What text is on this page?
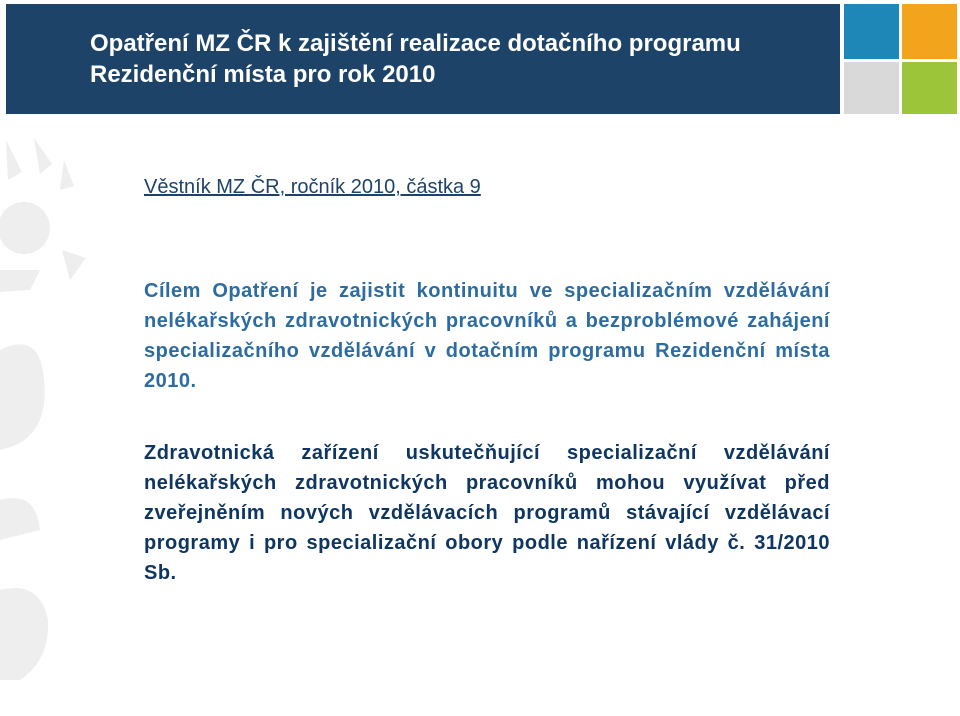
Opatření MZ ČR k zajištění realizace dotačního programu
Rezidenční místa pro rok 2010
Věstník MZ ČR, ročník 2010, částka 9
Cílem Opatření je zajistit kontinuitu ve specializačním vzdělávání nelékařských zdravotnických pracovníků a bezproblémové zahájení specializačního vzdělávání v dotačním programu Rezidenční místa 2010.
Zdravotnická zařízení uskutečňující specializační vzdělávání nelékařských zdravotnických pracovníků mohou využívat před zveřejněním nových vzdělávacích programů stávající vzdělávací programy i pro specializační obory podle nařízení vlády č. 31/2010 Sb.
